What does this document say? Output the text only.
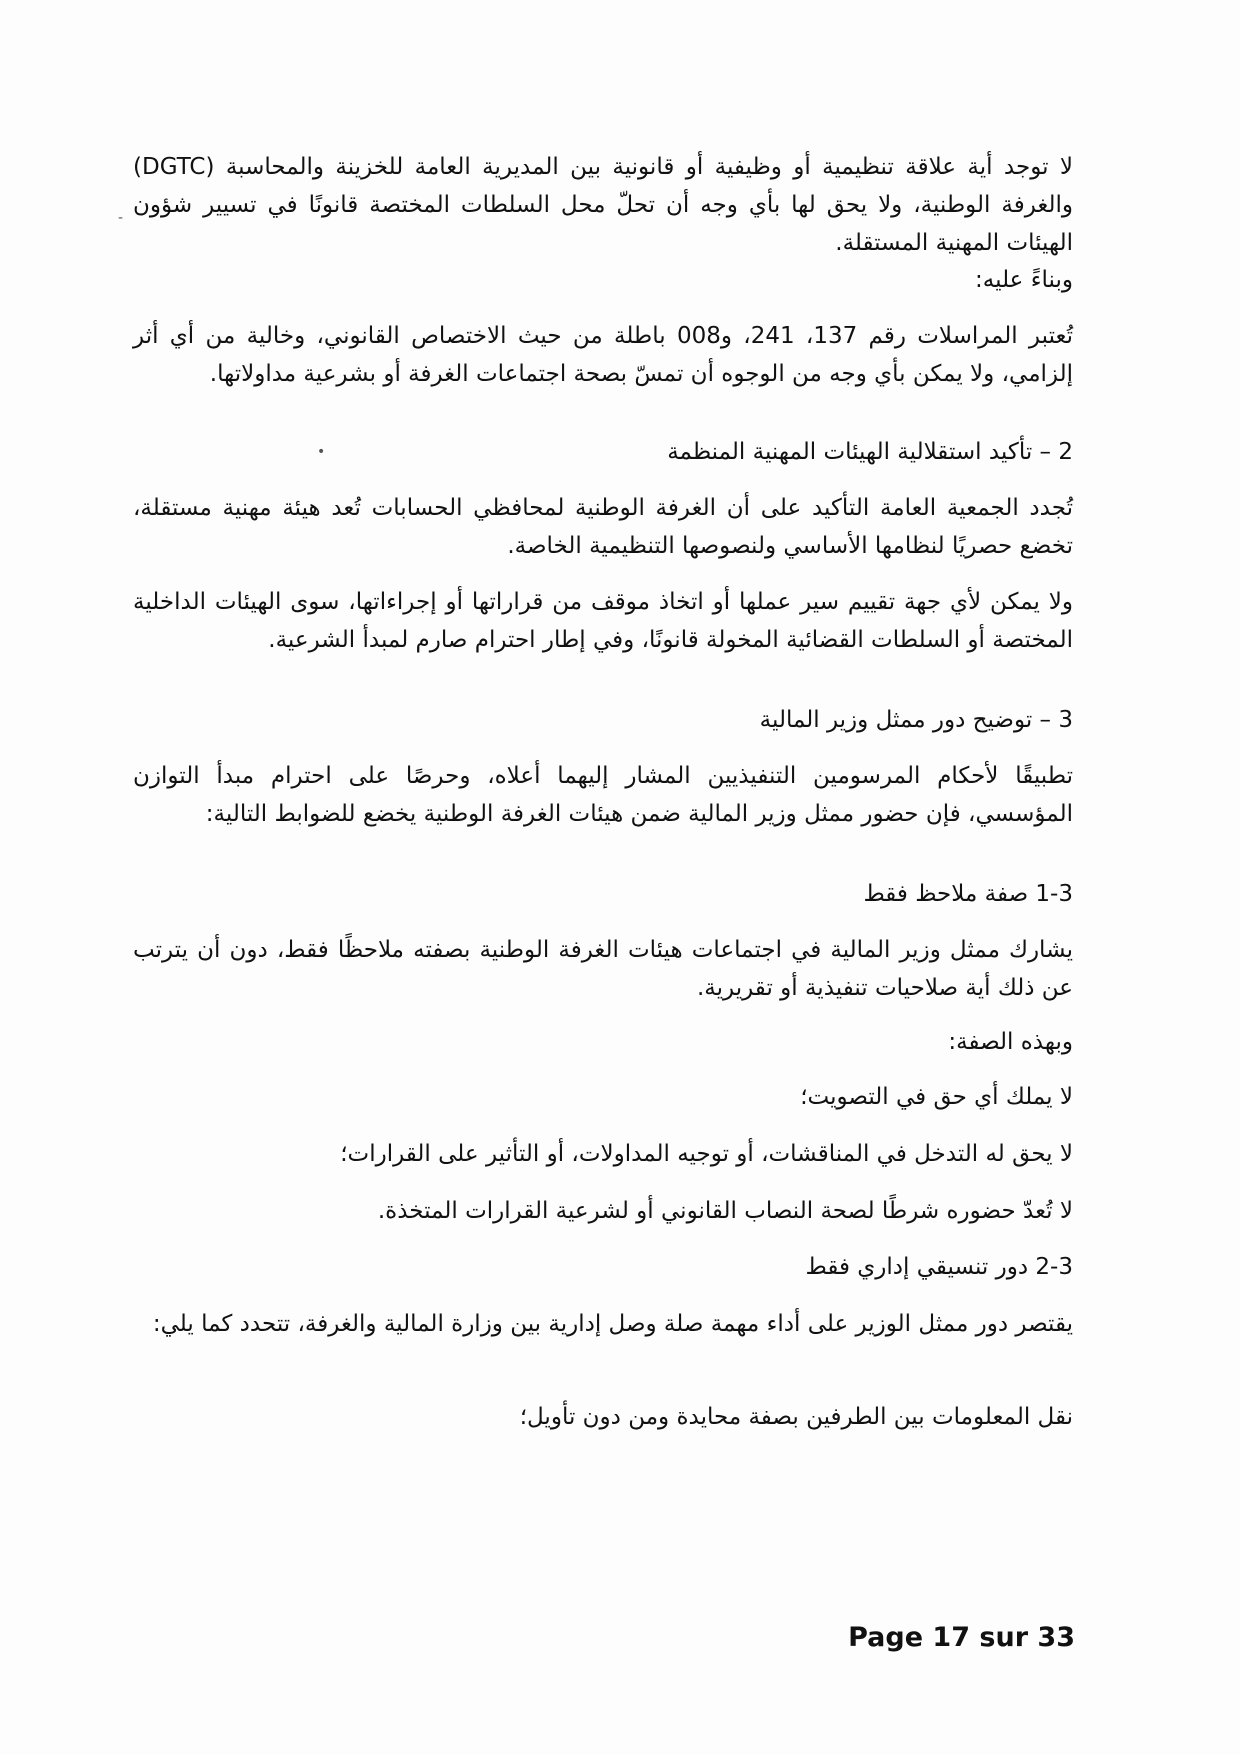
لا توجد أية علاقة تنظيمية أو وظيفية أو قانونية بين المديرية العامة للخزينة والمحاسبة (DGTC) والغرفة الوطنية، ولا يحق لها بأي وجه أن تحلّ محل السلطات المختصة قانونًا في تسيير شؤون الهيئات المهنية المستقلة.

وبناءً عليه:

تُعتبر المراسلات رقم 137، 241، و008 باطلة من حيث الاختصاص القانوني، وخالية من أي أثر إلزامي، ولا يمكن بأي وجه من الوجوه أن تمسّ بصحة اجتماعات الغرفة أو بشرعية مداولاتها.

2 – تأكيد استقلالية الهيئات المهنية المنظمة

تُجدد الجمعية العامة التأكيد على أن الغرفة الوطنية لمحافظي الحسابات تُعد هيئة مهنية مستقلة، تخضع حصريًا لنظامها الأساسي ولنصوصها التنظيمية الخاصة.

ولا يمكن لأي جهة تقييم سير عملها أو اتخاذ موقف من قراراتها أو إجراءاتها، سوى الهيئات الداخلية المختصة أو السلطات القضائية المخولة قانونًا، وفي إطار احترام صارم لمبدأ الشرعية.

3 – توضيح دور ممثل وزير المالية

تطبيقًا لأحكام المرسومين التنفيذيين المشار إليهما أعلاه، وحرصًا على احترام مبدأ التوازن المؤسسي، فإن حضور ممثل وزير المالية ضمن هيئات الغرفة الوطنية يخضع للضوابط التالية:

1-3 صفة ملاحظ فقط

يشارك ممثل وزير المالية في اجتماعات هيئات الغرفة الوطنية بصفته ملاحظًا فقط، دون أن يترتب عن ذلك أية صلاحيات تنفيذية أو تقريرية.

وبهذه الصفة:

لا يملك أي حق في التصويت؛

لا يحق له التدخل في المناقشات، أو توجيه المداولات، أو التأثير على القرارات؛

لا تُعدّ حضوره شرطًا لصحة النصاب القانوني أو لشرعية القرارات المتخذة.

2-3 دور تنسيقي إداري فقط

يقتصر دور ممثل الوزير على أداء مهمة صلة وصل إدارية بين وزارة المالية والغرفة، تتحدد كما يلي:

نقل المعلومات بين الطرفين بصفة محايدة ومن دون تأويل؛

-
•
Page 17 sur 33
